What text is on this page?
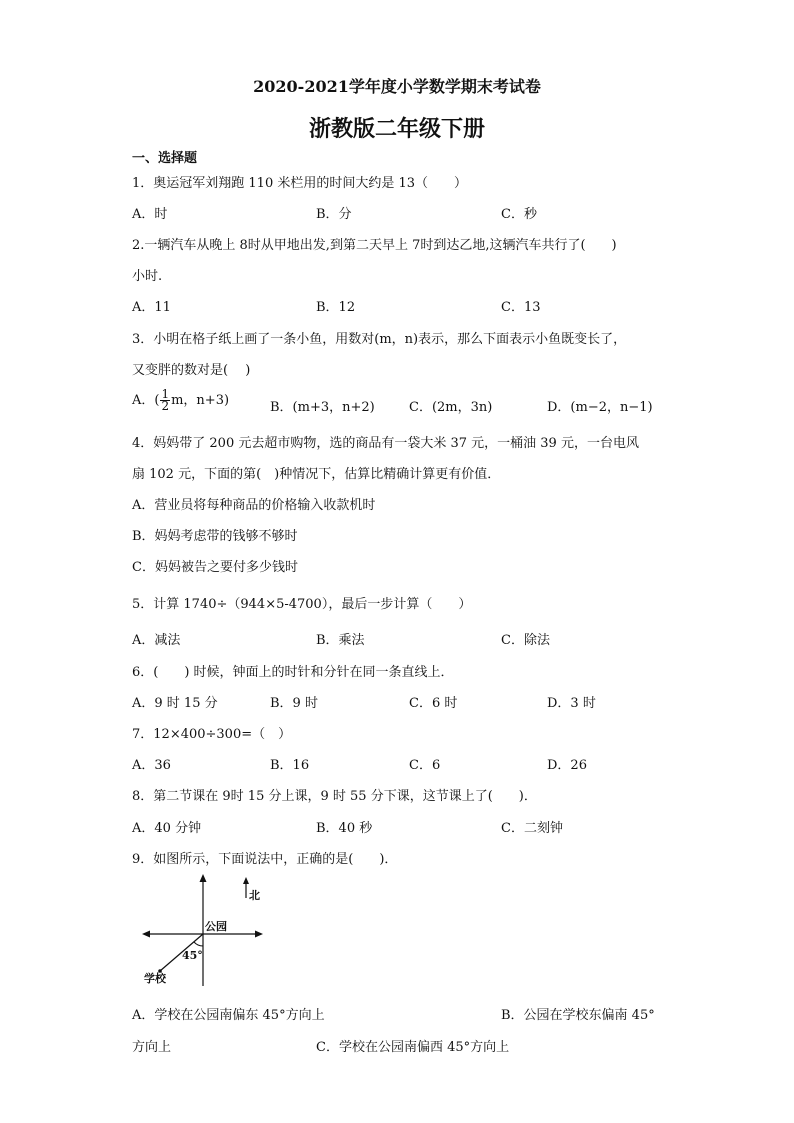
2020-2021学年度小学数学期末考试卷
浙教版二年级下册
一、选择题
1．奥运冠军刘翔跑 110 米栏用的时间大约是 13（　　）
A．时	B．分	C．秒
2.一辆汽车从晚上 8时从甲地出发,到第二天早上 7时到达乙地,这辆汽车共行了(　　)
小时.
A．11	B．12	C．13
3．小明在格子纸上画了一条小鱼，用数对(m，n)表示，那么下面表示小鱼既变长了，
又变胖的数对是(　 )
A．( $\frac{1}{2}$ m，n+3)	B．(m+3，n+2)	C．(2m，3n)	D．(m−2，n−1)
4．妈妈带了 200 元去超市购物，选的商品有一袋大米 37 元，一桶油 39 元，一台电风
扇 102 元，下面的第(　)种情况下，估算比精确计算更有价值．
A．营业员将每种商品的价格输入收款机时
B．妈妈考虑带的钱够不够时
C．妈妈被告之要付多少钱时
5．计算 1740÷（944×5-4700），最后一步计算（　　）
A．减法	B．乘法	C．除法
6．(　　) 时候，钟面上的时针和分针在同一条直线上．
A．9 时 15 分	B．9 时	C．6 时	D．3 时
7．12×400÷300=（　）
A．36	B．16	C．6	D．26
8．第二节课在 9时 15 分上课，9 时 55 分下课，这节课上了(　　)．
A．40 分钟	B．40 秒	C．二刻钟
9．如图所示，下面说法中，正确的是(　　)．
北
公园
45°
学校
A．学校在公园南偏东 45°方向上	B．公园在学校东偏南 45°
方向上	C．学校在公园南偏西 45°方向上
